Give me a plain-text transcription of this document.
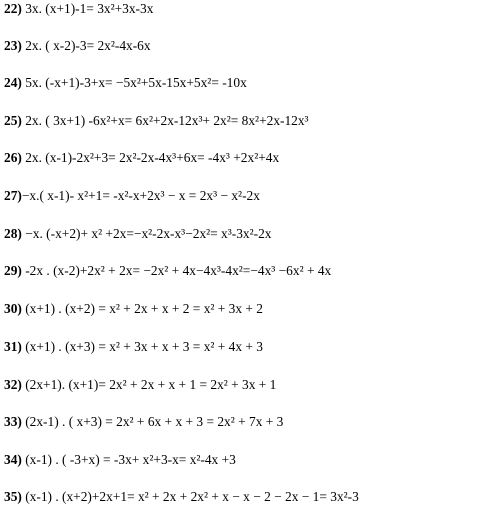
22) 3x. (x+1)-1= 3x²+3x-3x
23) 2x. ( x-2)-3= 2x²-4x-6x
24) 5x. (-x+1)-3+x= −5x²+5x-15x+5x²= -10x
25) 2x. ( 3x+1) -6x²+x= 6x²+2x-12x³+ 2x²= 8x²+2x-12x³
26) 2x. (x-1)-2x²+3= 2x²-2x-4x³+6x= -4x³ +2x²+4x
27)−x.( x-1)- x²+1= -x²-x+2x³ − x = 2x³ − x²-2x
28) −x. (-x+2)+ x² +2x=−x²-2x-x³−2x²= x³-3x²-2x
29) -2x . (x-2)+2x² + 2x= −2x² + 4x−4x³-4x²=−4x³ −6x² + 4x
30) (x+1) . (x+2) = x² + 2x + x + 2 = x² + 3x + 2
31) (x+1) . (x+3) = x² + 3x + x + 3 = x² + 4x + 3
32) (2x+1). (x+1)= 2x² + 2x + x + 1 = 2x² + 3x + 1
33) (2x-1) . ( x+3) = 2x² + 6x + x + 3 = 2x² + 7x + 3
34) (x-1) . ( -3+x) = -3x+ x²+3-x= x²-4x +3
35) (x-1) . (x+2)+2x+1= x² + 2x + 2x² + x − x − 2 − 2x − 1= 3x²-3
